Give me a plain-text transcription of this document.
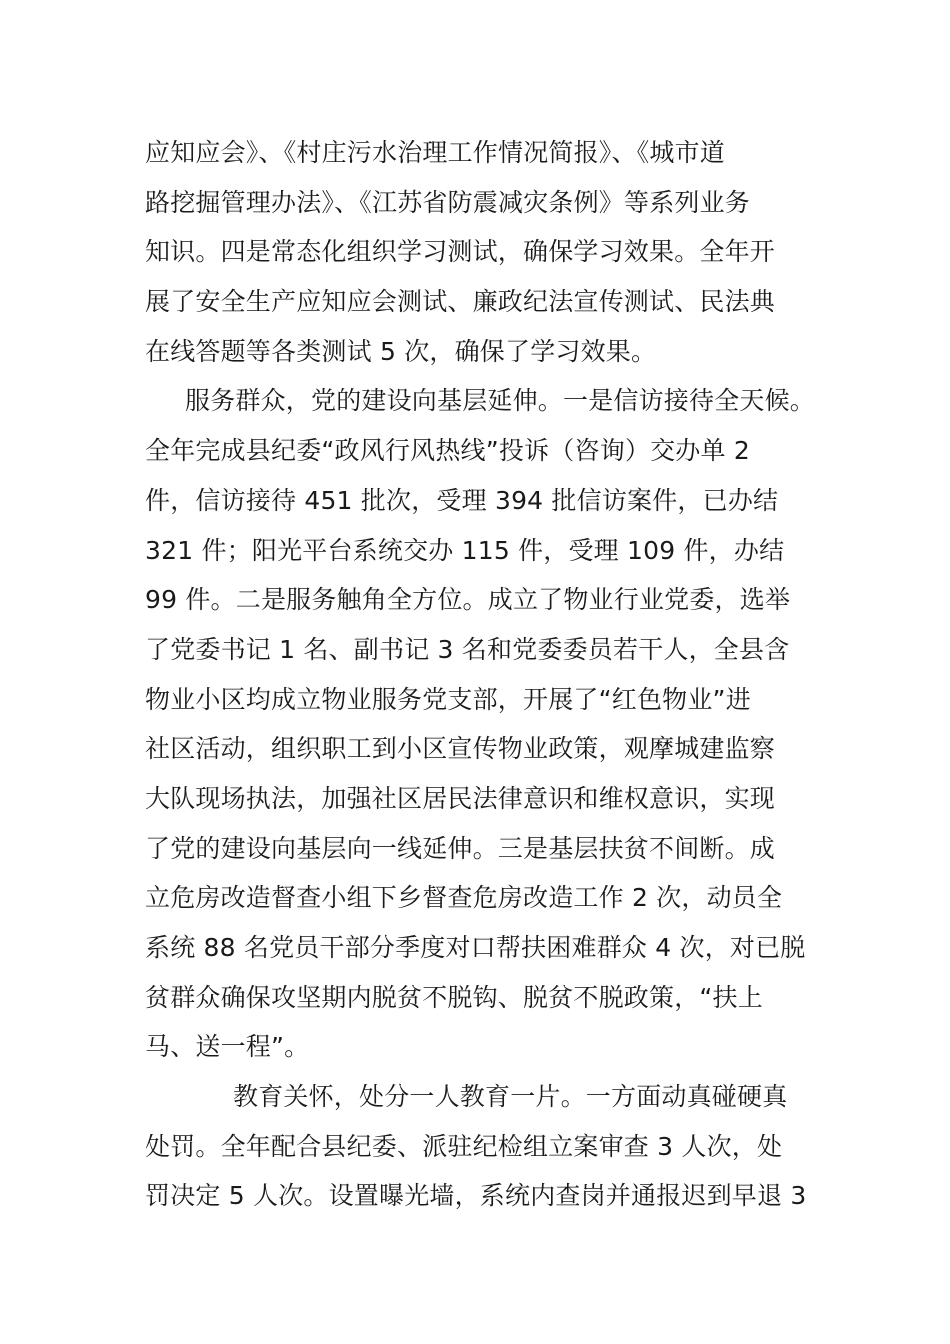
应知应会》、《村庄污水治理工作情况简报》、《城市道
路挖掘管理办法》、《江苏省防震减灾条例》等系列业务
知识。四是常态化组织学习测试，确保学习效果。全年开
展了安全生产应知应会测试、廉政纪法宣传测试、民法典
在线答题等各类测试 5 次，确保了学习效果。
服务群众，党的建设向基层延伸。一是信访接待全天候。
全年完成县纪委“政风行风热线”投诉（咨询）交办单 2
件，信访接待 451 批次，受理 394 批信访案件，已办结
321 件；阳光平台系统交办 115 件，受理 109 件，办结
99 件。二是服务触角全方位。成立了物业行业党委，选举
了党委书记 1 名、副书记 3 名和党委委员若干人，全县含
物业小区均成立物业服务党支部，开展了“红色物业”进
社区活动，组织职工到小区宣传物业政策，观摩城建监察
大队现场执法，加强社区居民法律意识和维权意识，实现
了党的建设向基层向一线延伸。三是基层扶贫不间断。成
立危房改造督查小组下乡督查危房改造工作 2 次，动员全
系统 88 名党员干部分季度对口帮扶困难群众 4 次，对已脱
贫群众确保攻坚期内脱贫不脱钩、脱贫不脱政策，“扶上
马、送一程”。
教育关怀，处分一人教育一片。一方面动真碰硬真
处罚。全年配合县纪委、派驻纪检组立案审查 3 人次，处
罚决定 5 人次。设置曝光墙，系统内查岗并通报迟到早退 3
